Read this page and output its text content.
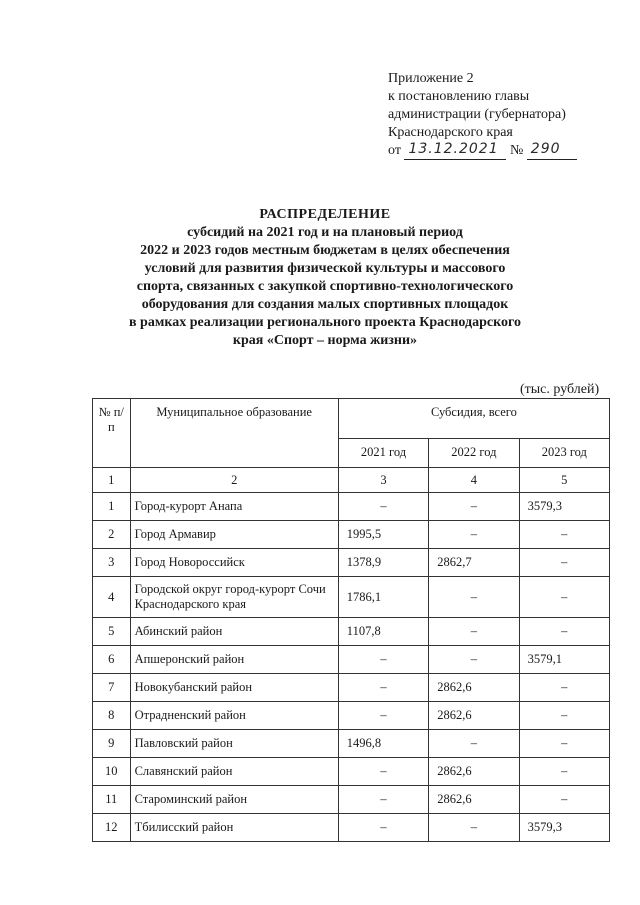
Приложение 2
к постановлению главы
администрации (губернатора)
Краснодарского края
от 13.12.2021 № 290
РАСПРЕДЕЛЕНИЕ
субсидий на 2021 год и на плановый период
2022 и 2023 годов местным бюджетам в целях обеспечения
условий для развития физической культуры и массового
спорта, связанных с закупкой спортивно-технологического
оборудования для создания малых спортивных площадок
в рамках реализации регионального проекта Краснодарского
края «Спорт – норма жизни»
(тыс. рублей)
№ п/п	Муниципальное образование	Субсидия, всего		
		2021 год	2022 год	2023 год
1	2	3	4	5
1	Город-курорт Анапа	–	–	3579,3
2	Город Армавир	1995,5	–	–
3	Город Новороссийск	1378,9	2862,7	–
4	Городской округ город-курорт Сочи Краснодарского края	1786,1	–	–
5	Абинский район	1107,8	–	–
6	Апшеронский район	–	–	3579,1
7	Новокубанский район	–	2862,6	–
8	Отрадненский район	–	2862,6	–
9	Павловский район	1496,8	–	–
10	Славянский район	–	2862,6	–
11	Староминский район	–	2862,6	–
12	Тбилисский район	–	–	3579,3
